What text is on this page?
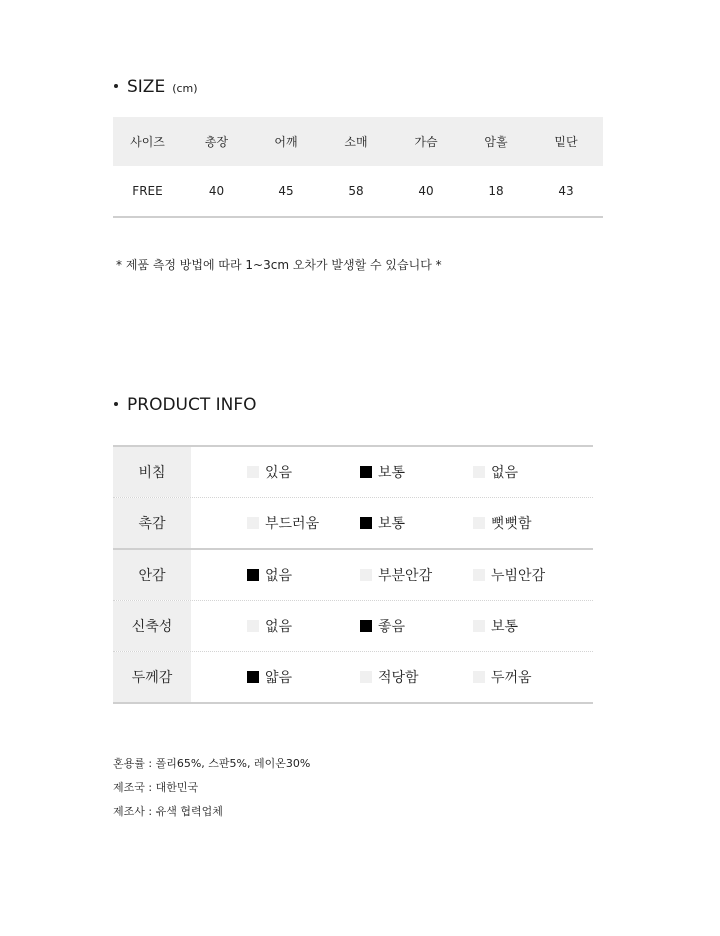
SIZE (cm)
사이즈	총장	어깨	소매	가슴	암홀	밑단
FREE	40	45	58	40	18	43
* 제품 측정 방법에 따라 1~3cm 오차가 발생할 수 있습니다 *
PRODUCT INFO
비침	있음	보통	없음
촉감	부드러움	보통	뻣뻣함
안감	없음	부분안감	누빔안감
신축성	없음	좋음	보통
두께감	얇음	적당함	두꺼움
혼용률 : 폴리65%, 스판5%, 레이온30%
제조국 : 대한민국
제조사 : 유색 협력업체
